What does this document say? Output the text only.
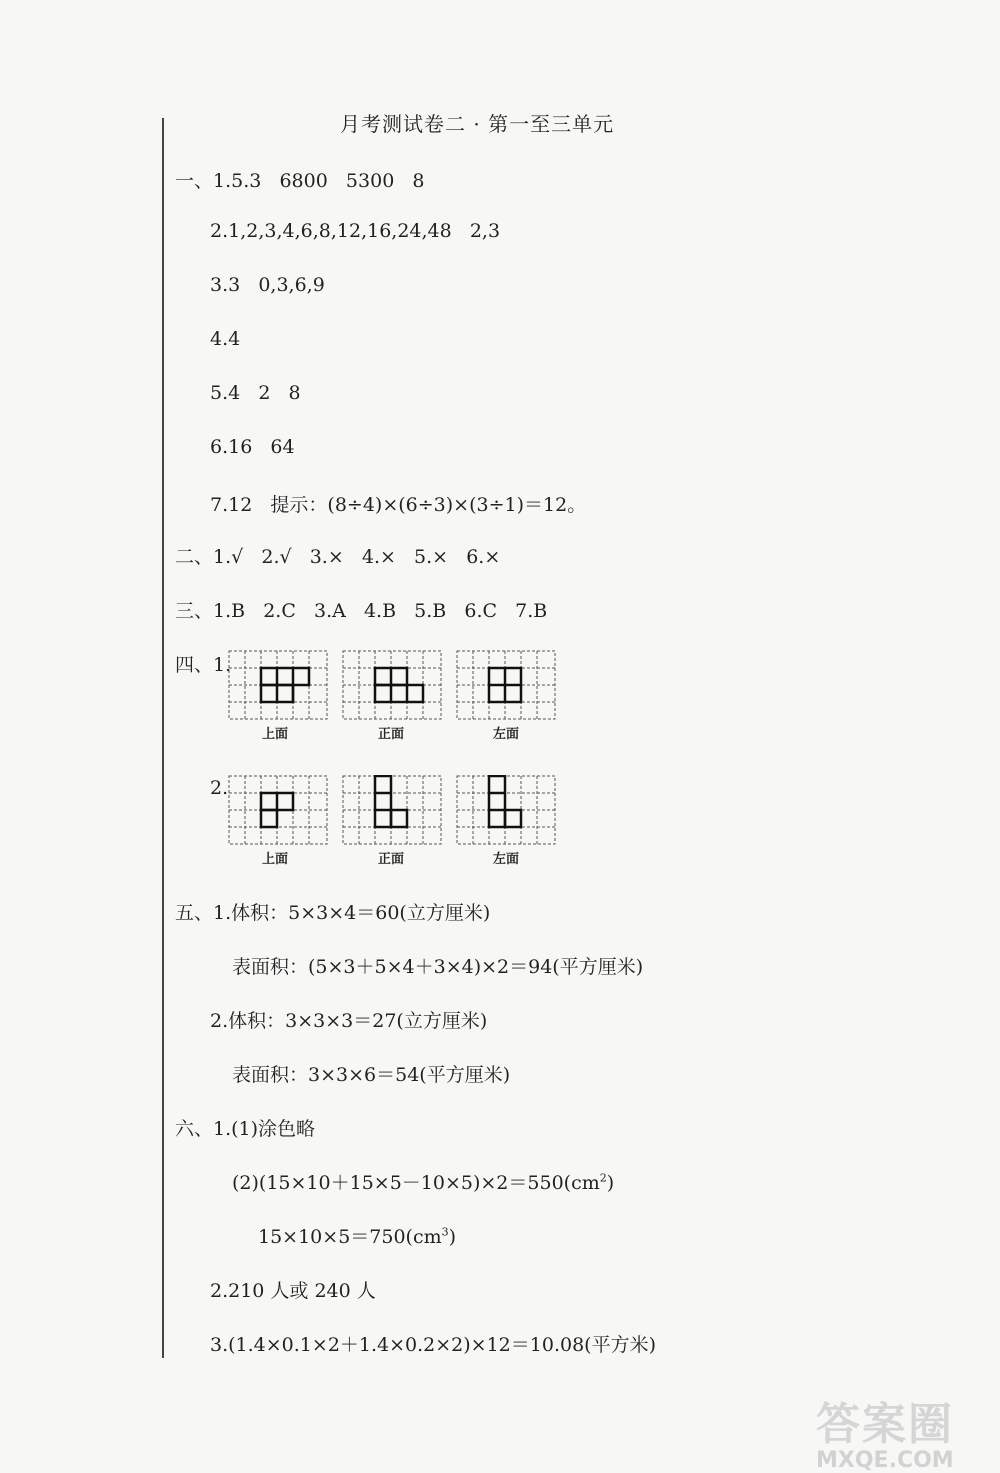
月考测试卷二 · 第一至三单元
一、1.5.3   6800   5300   8
2.1,2,3,4,6,8,12,16,24,48   2,3
3.3   0,3,6,9
4.4
5.4   2   8
6.16   64
7.12   提示：(8÷4)×(6÷3)×(3÷1)＝12。
二、1.√   2.√   3.×   4.×   5.×   6.×
三、1.B   2.C   3.A   4.B   5.B   6.C   7.B
四、1.
上面	正面	左面
2.
上面	正面	左面
五、1.体积：5×3×4＝60(立方厘米)
表面积：(5×3＋5×4＋3×4)×2＝94(平方厘米)
2.体积：3×3×3＝27(立方厘米)
表面积：3×3×6＝54(平方厘米)
六、1.(1)涂色略
$(2)(15\times 10+15\times 5-10\times 5)\times 2=550(cm^2)$
$15\times 10\times 5=750(cm^3)$
2.210 人或 240 人
3.(1.4×0.1×2＋1.4×0.2×2)×12＝10.08(平方米)
答案圈
MXQE.COM
